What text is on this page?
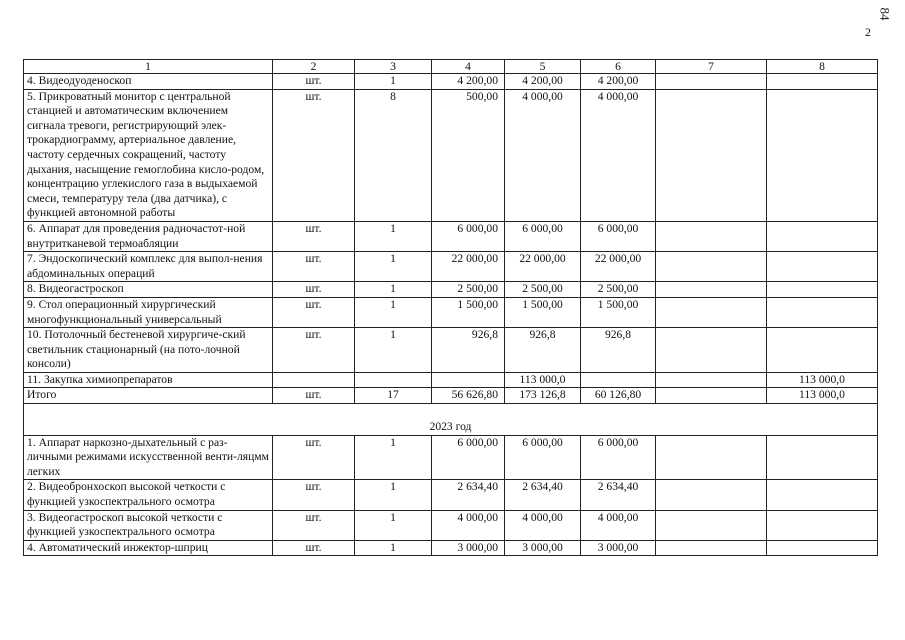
84
2
1	2	3	4	5	6	7	8
4. Видеодуоденоскоп	шт.	1	4 200,00	4 200,00	4 200,00		
5. Прикроватный монитор с центральной станцией и автоматическим включением сигнала тревоги, регистрирующий элек-трокардиограмму, артериальное давление, частоту сердечных сокращений, частоту дыхания, насыщение гемоглобина кисло-родом, концентрацию углекислого газа в выдыхаемой смеси, температуру тела (два датчика), с функцией автономной работы	шт.	8	500,00	4 000,00	4 000,00		
6. Аппарат для проведения радиочастот-ной внутритканевой термоабляции	шт.	1	6 000,00	6 000,00	6 000,00		
7. Эндоскопический комплекс для выпол-нения абдоминальных операций	шт.	1	22 000,00	22 000,00	22 000,00		
8. Видеогастроскоп	шт.	1	2 500,00	2 500,00	2 500,00		
9. Стол операционный хирургический многофункциональный универсальный	шт.	1	1 500,00	1 500,00	1 500,00		
10. Потолочный бестеневой хирургиче-ский светильник стационарный (на пото-лочной консоли)	шт.	1	926,8	926,8	926,8		
11. Закупка химиопрепаратов				113 000,0			113 000,0
Итого	шт.	17	56 626,80	173 126,8	60 126,80		113 000,0
2023 год							
1. Аппарат наркозно-дыхательный с раз-личными режимами искусственной венти-ляцмм легких	шт.	1	6 000,00	6 000,00	6 000,00		
2. Видеобронхоскоп высокой четкости с функцией узкоспектрального осмотра	шт.	1	2 634,40	2 634,40	2 634,40		
3. Видеогастроскоп высокой четкости с функцией узкоспектрального осмотра	шт.	1	4 000,00	4 000,00	4 000,00		
4. Автоматический инжектор-шприц	шт.	1	3 000,00	3 000,00	3 000,00		
